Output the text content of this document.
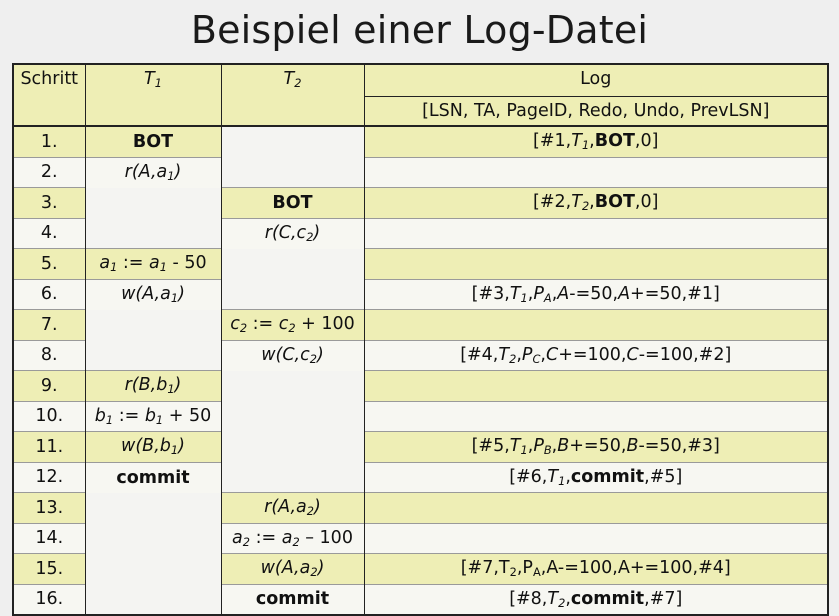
Beispiel einer Log-Datei
Schritt	$T_1$	$T_2$	Log
			[LSN, TA, PageID, Redo, Undo, PrevLSN]
1.	BOT		$[\#1,T_1,BOT,0]$
2.	$r(A,a_1)$		
3.		BOT	$[\#2,T_2,BOT,0]$
4.		$r(C,c_2)$	
5.	$a_1$ := $a_1 - 50$		
6.	$w(A,a_1)$		$[\#3,T_1,P_A,A-=50,A+=50,\#1]$
7.		$c_2$ := $c_2 + 100$	
8.		$w(C,c_2)$	$[\#4,T_2,P_C,C+=100,C-=100,\#2]$
9.	$r(B,b_1)$		
10.	$b_1$ := $b_1 + 50$		
11.	$w(B,b_1)$		$[\#5,T_1,P_B,B+=50,B-=50,\#3]$
12.	commit		$[\#6,T_1,commit,\#5]$
13.		$r(A,a_2)$	
14.		$a_2$ := $a_2 - 100$	
15.		$w(A,a_2)$	$[\#7,T_2,P_A,A-=100,A+=100,\#4]$
16.		commit	$[\#8,T_2,commit,\#7]$
